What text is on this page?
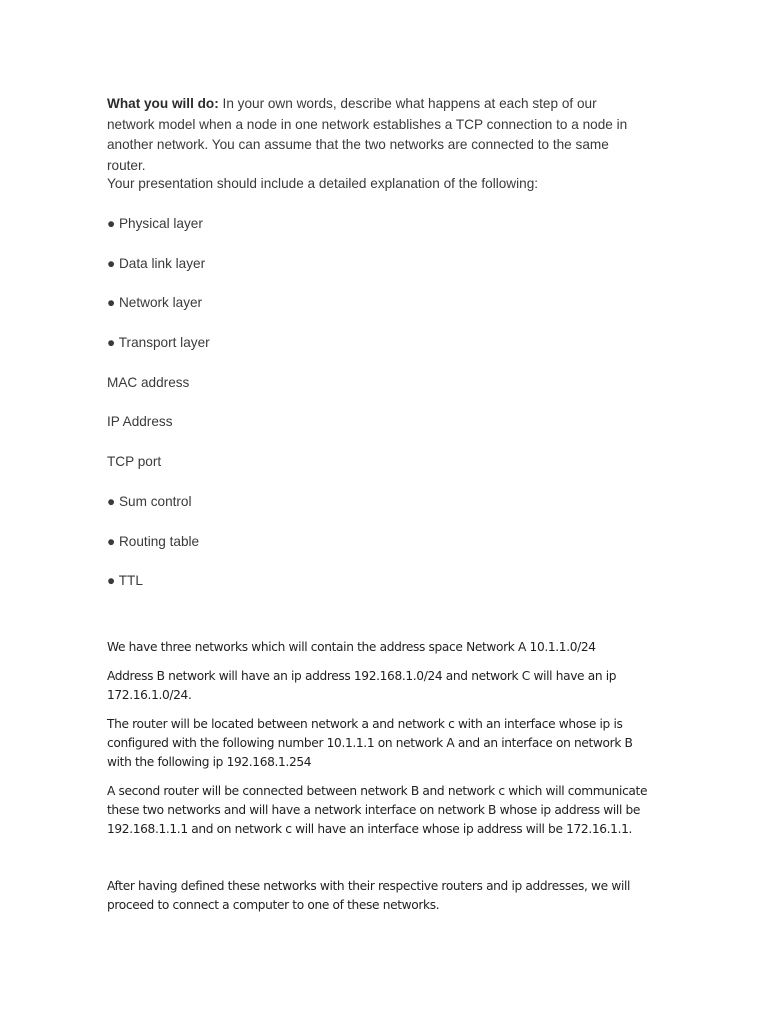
What you will do: In your own words, describe what happens at each step of our network model when a node in one network establishes a TCP connection to a node in another network. You can assume that the two networks are connected to the same router.

Your presentation should include a detailed explanation of the following:

● Physical layer

● Data link layer

● Network layer

● Transport layer

MAC address

IP Address

TCP port

● Sum control

● Routing table

● TTL

We have three networks which will contain the address space Network A 10.1.1.0/24

Address B network will have an ip address 192.168.1.0/24 and network C will have an ip 172.16.1.0/24.

The router will be located between network a and network c with an interface whose ip is configured with the following number 10.1.1.1 on network A and an interface on network B with the following ip 192.168.1.254

A second router will be connected between network B and network c which will communicate these two networks and will have a network interface on network B whose ip address will be 192.168.1.1.1 and on network c will have an interface whose ip address will be 172.16.1.1.

After having defined these networks with their respective routers and ip addresses, we will proceed to connect a computer to one of these networks.
